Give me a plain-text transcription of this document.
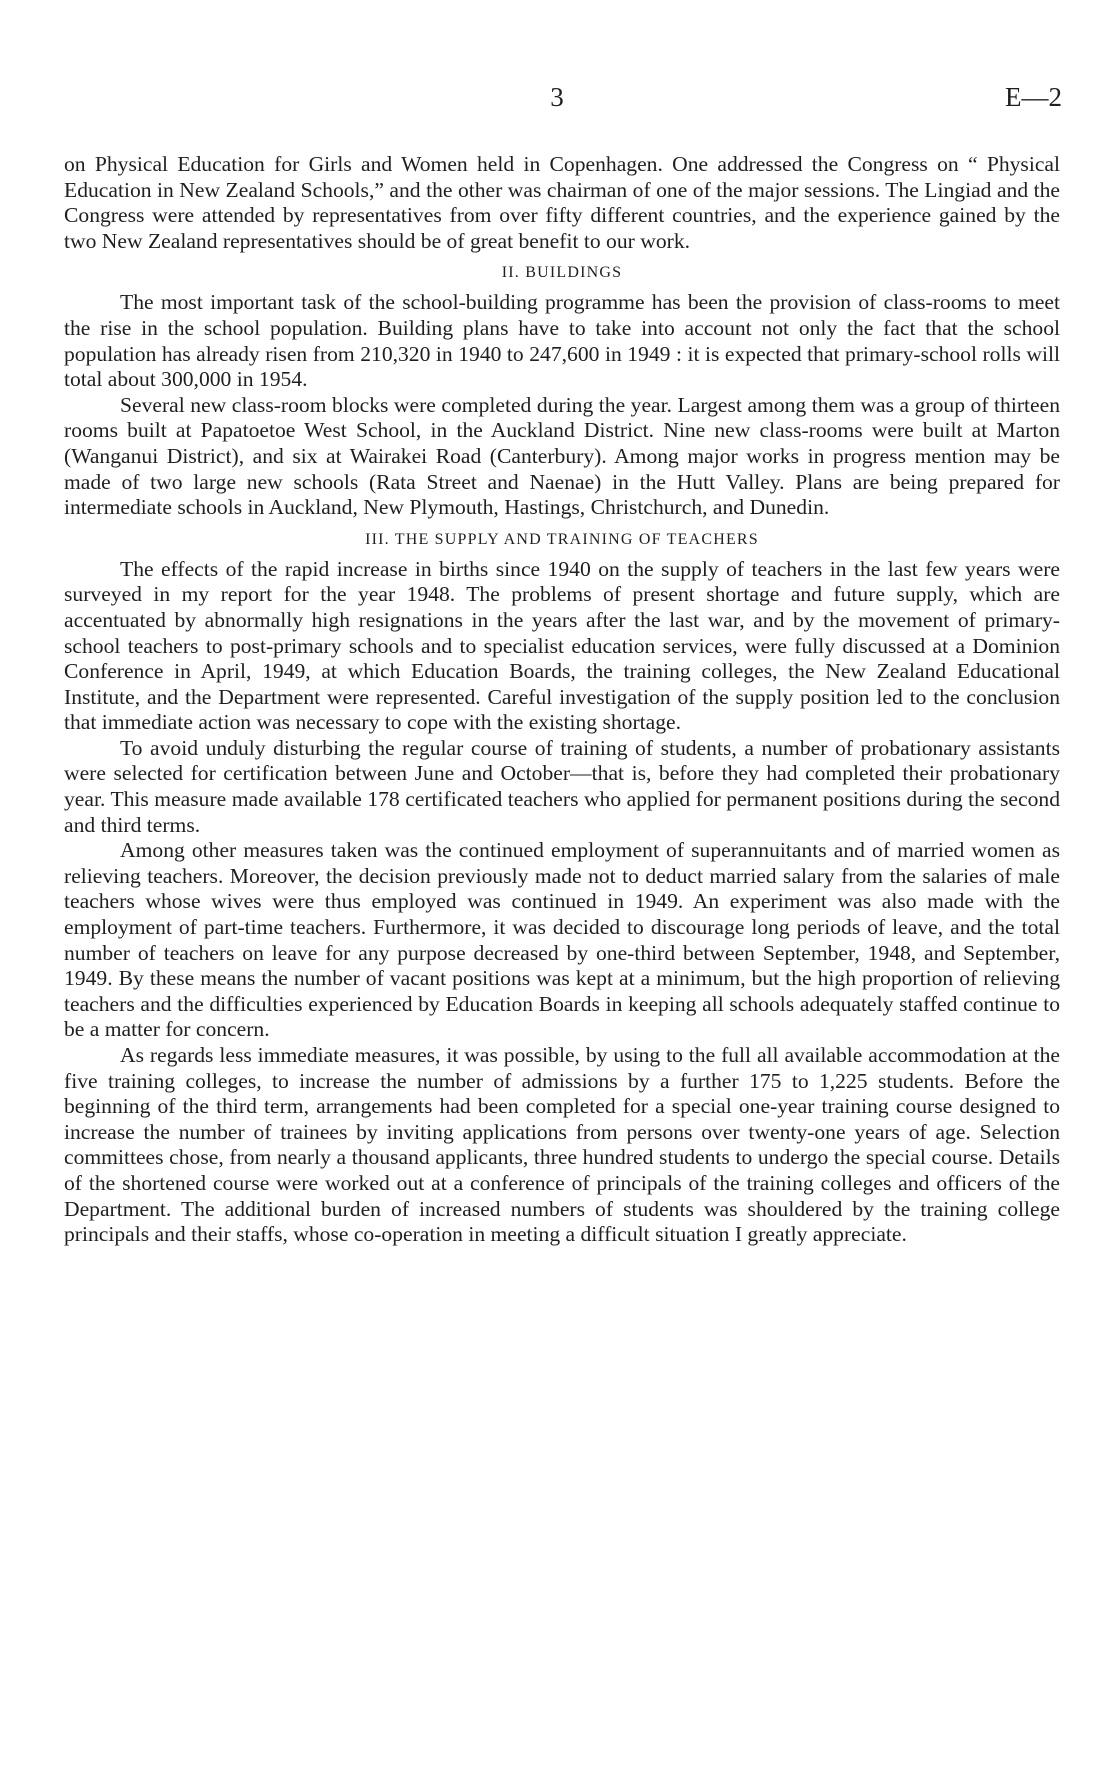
3	E—2

on Physical Education for Girls and Women held in Copenhagen. One addressed the Congress on “ Physical Education in New Zealand Schools,” and the other was chairman of one of the major sessions. The Lingiad and the Congress were attended by representatives from over fifty different countries, and the experience gained by the two New Zealand representatives should be of great benefit to our work.

II. BUILDINGS

The most important task of the school-building programme has been the provision of class-rooms to meet the rise in the school population. Building plans have to take into account not only the fact that the school population has already risen from 210,320 in 1940 to 247,600 in 1949 : it is expected that primary-school rolls will total about 300,000 in 1954.

Several new class-room blocks were completed during the year. Largest among them was a group of thirteen rooms built at Papatoetoe West School, in the Auckland District. Nine new class-rooms were built at Marton (Wanganui District), and six at Wairakei Road (Canterbury). Among major works in progress mention may be made of two large new schools (Rata Street and Naenae) in the Hutt Valley. Plans are being prepared for intermediate schools in Auckland, New Plymouth, Hastings, Christchurch, and Dunedin.

III. THE SUPPLY AND TRAINING OF TEACHERS

The effects of the rapid increase in births since 1940 on the supply of teachers in the last few years were surveyed in my report for the year 1948. The problems of present shortage and future supply, which are accentuated by abnormally high resignations in the years after the last war, and by the movement of primary-school teachers to post-primary schools and to specialist education services, were fully discussed at a Dominion Conference in April, 1949, at which Education Boards, the training colleges, the New Zealand Educational Institute, and the Department were represented. Careful investigation of the supply position led to the conclusion that immediate action was necessary to cope with the existing shortage.

To avoid unduly disturbing the regular course of training of students, a number of probationary assistants were selected for certification between June and October—that is, before they had completed their probationary year. This measure made available 178 certificated teachers who applied for permanent positions during the second and third terms.

Among other measures taken was the continued employment of superannuitants and of married women as relieving teachers. Moreover, the decision previously made not to deduct married salary from the salaries of male teachers whose wives were thus employed was continued in 1949. An experiment was also made with the employment of part-time teachers. Furthermore, it was decided to discourage long periods of leave, and the total number of teachers on leave for any purpose decreased by one-third between September, 1948, and September, 1949. By these means the number of vacant positions was kept at a minimum, but the high proportion of relieving teachers and the difficulties experienced by Education Boards in keeping all schools adequately staffed continue to be a matter for concern.

As regards less immediate measures, it was possible, by using to the full all available accommodation at the five training colleges, to increase the number of admissions by a further 175 to 1,225 students. Before the beginning of the third term, arrangements had been completed for a special one-year training course designed to increase the number of trainees by inviting applications from persons over twenty-one years of age. Selection committees chose, from nearly a thousand applicants, three hundred students to undergo the special course. Details of the shortened course were worked out at a conference of principals of the training colleges and officers of the Department. The additional burden of increased numbers of students was shouldered by the training college principals and their staffs, whose co-operation in meeting a difficult situation I greatly appreciate.
